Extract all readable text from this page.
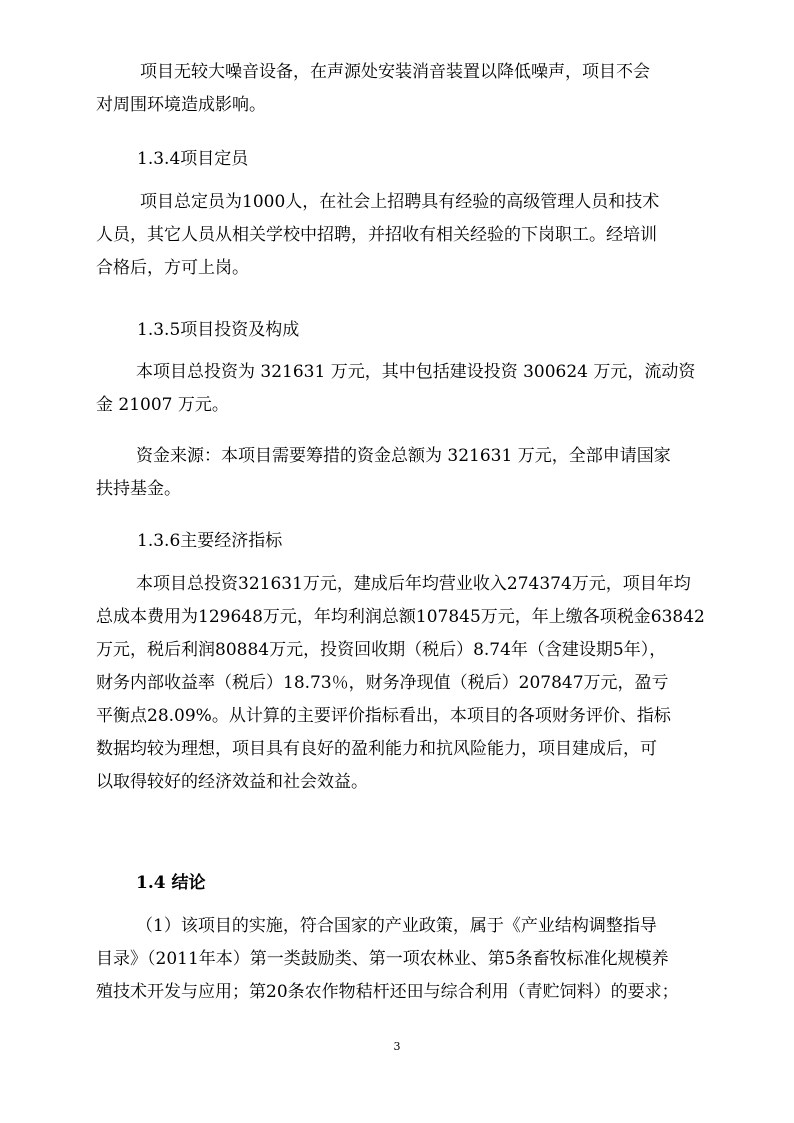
项目无较大噪音设备，在声源处安装消音装置以降低噪声，项目不会
对周围环境造成影响。
1.3.4项目定员
项目总定员为1000人，在社会上招聘具有经验的高级管理人员和技术
人员，其它人员从相关学校中招聘，并招收有相关经验的下岗职工。经培训
合格后，方可上岗。
1.3.5项目投资及构成
本项目总投资为 321631 万元，其中包括建设投资 300624 万元，流动资
金 21007 万元。
资金来源：本项目需要筹措的资金总额为 321631 万元，全部申请国家
扶持基金。
1.3.6主要经济指标
本项目总投资321631万元，建成后年均营业收入274374万元，项目年均
总成本费用为129648万元，年均利润总额107845万元，年上缴各项税金63842
万元，税后利润80884万元，投资回收期（税后）8.74年（含建设期5年），
财务内部收益率（税后）18.73％，财务净现值（税后）207847万元，盈亏
平衡点28.09%。从计算的主要评价指标看出，本项目的各项财务评价、指标
数据均较为理想，项目具有良好的盈利能力和抗风险能力，项目建成后，可
以取得较好的经济效益和社会效益。
1.4 结论
（1）该项目的实施，符合国家的产业政策，属于《产业结构调整指导
目录》（2011年本）第一类鼓励类、第一项农林业、第5条畜牧标准化规模养
殖技术开发与应用；第20条农作物秸杆还田与综合利用（青贮饲料）的要求；
3
